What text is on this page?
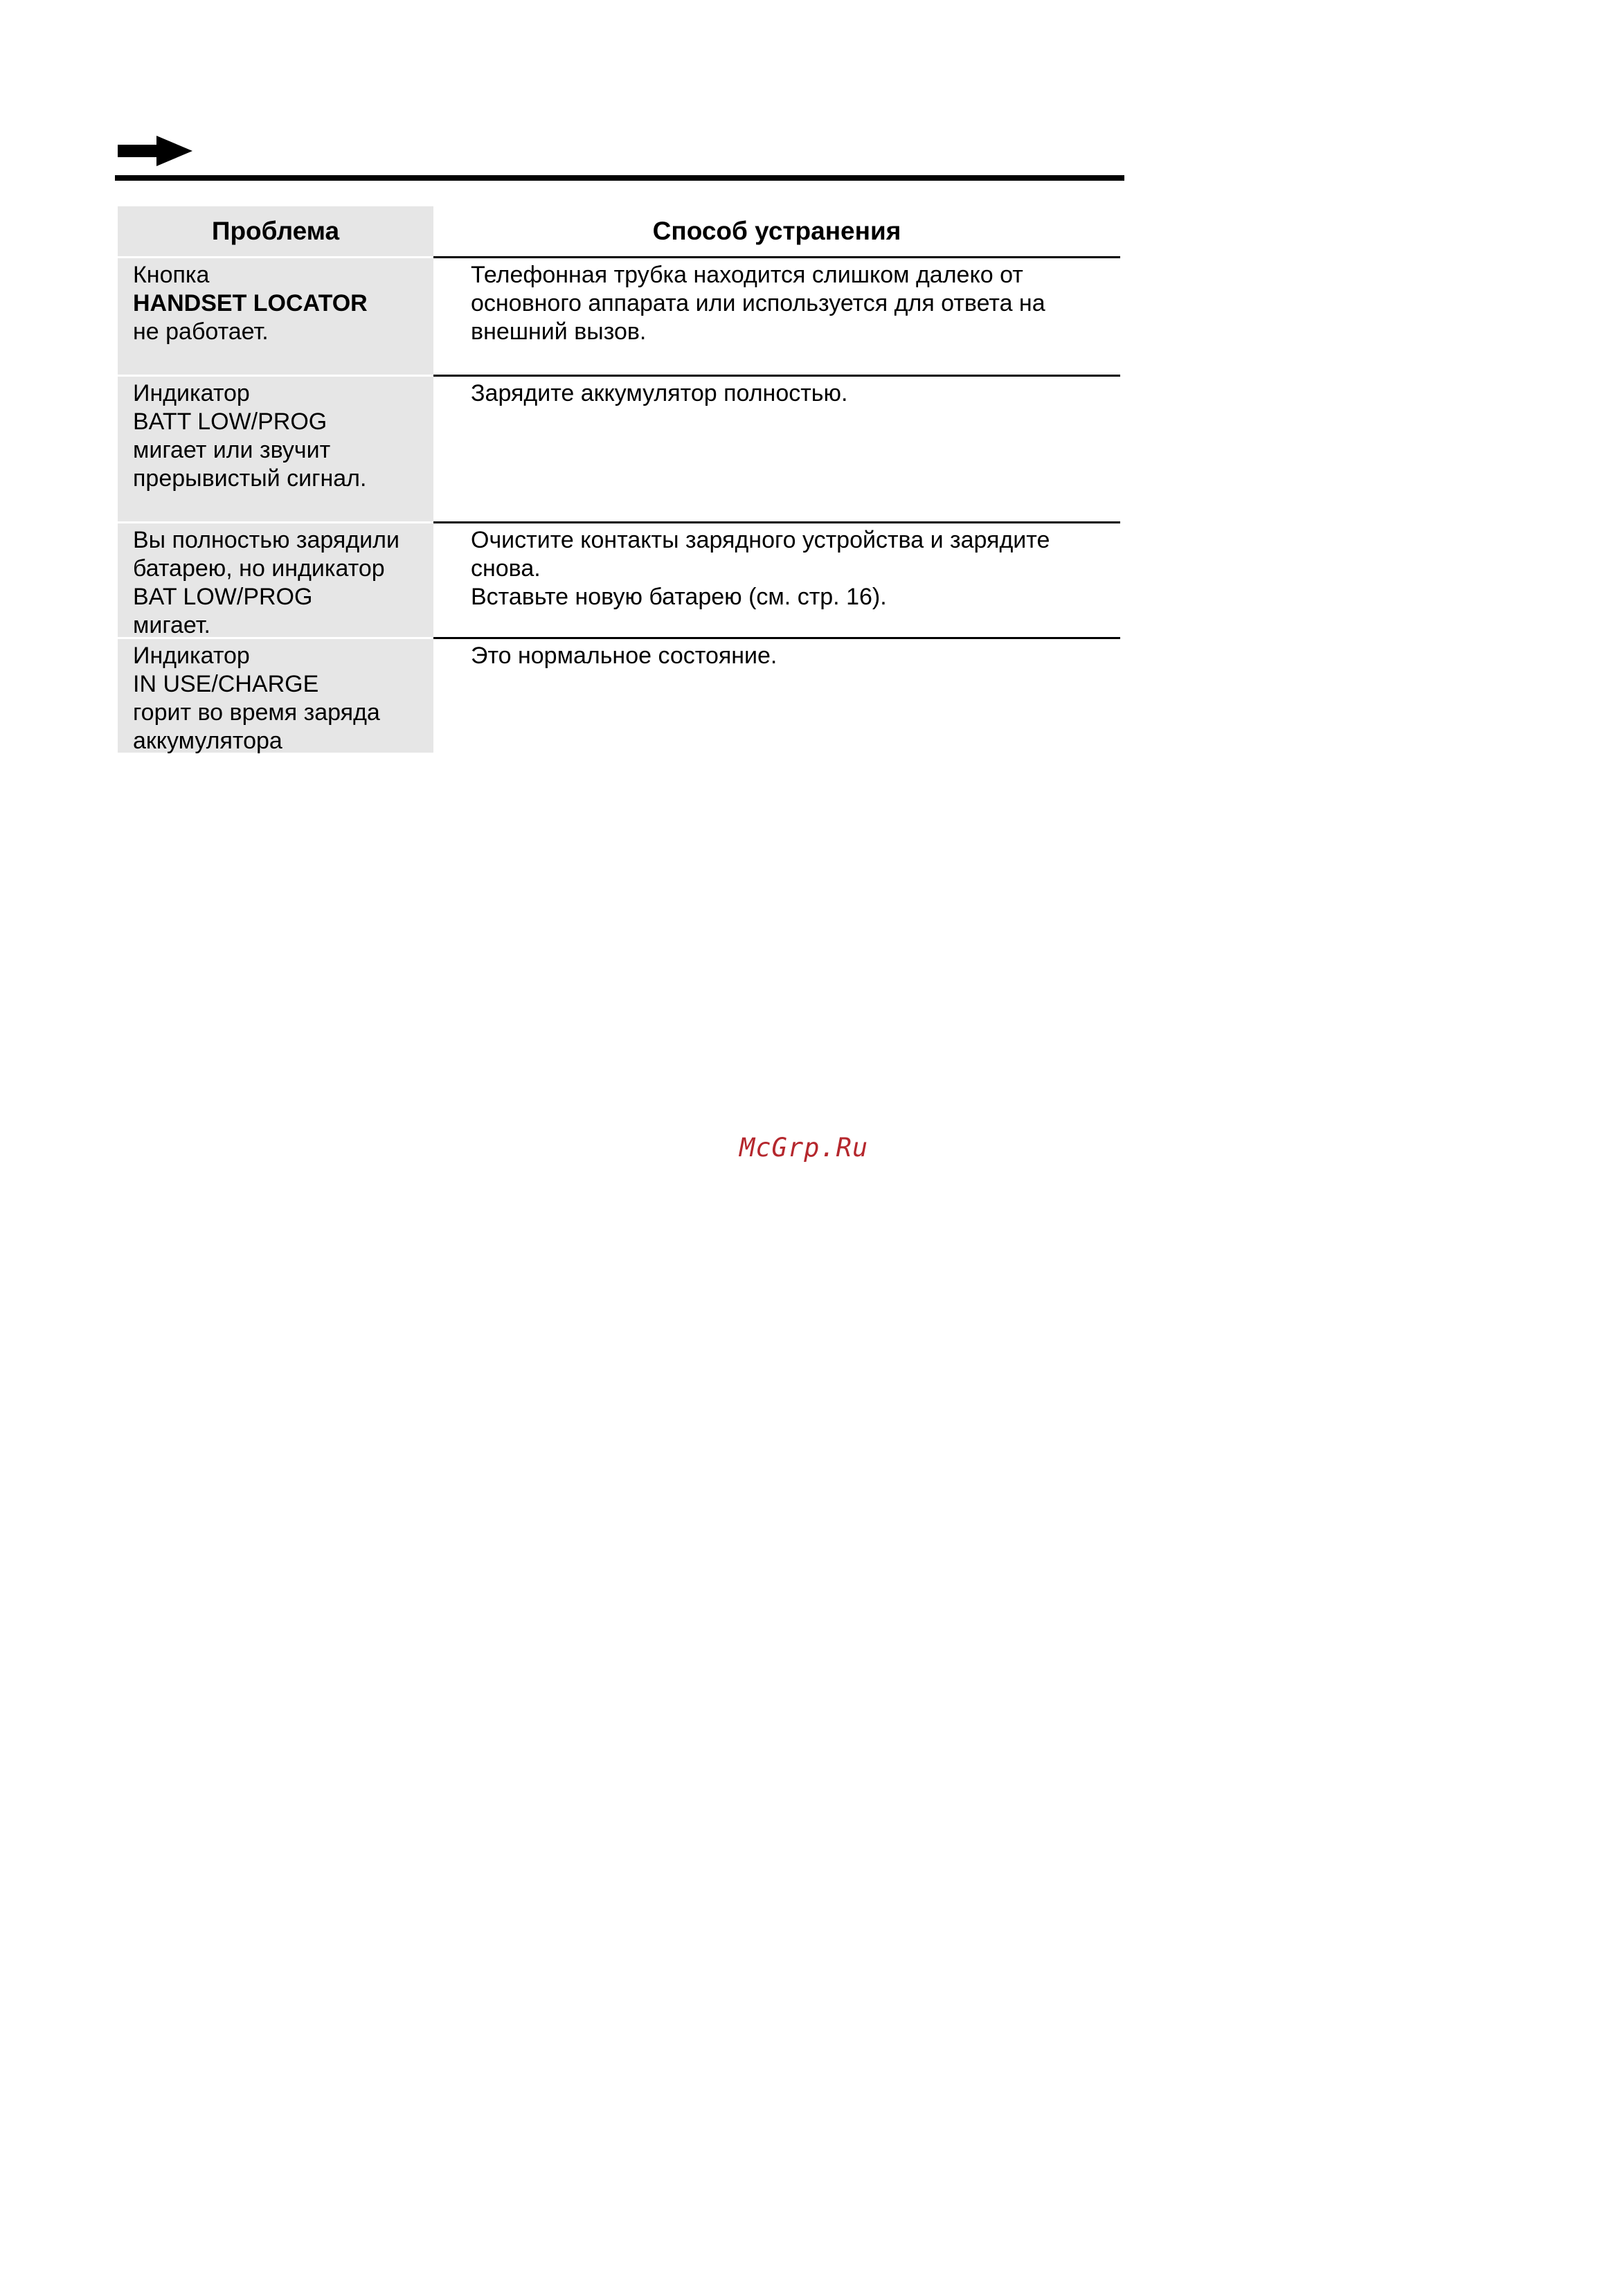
Проблема	Способ устранения
Кнопка
HANDSET LOCATOR
не работает.
Телефонная трубка находится слишком далеко от
основного аппарата или используется для ответа на
внешний вызов.
Индикатор
BATT LOW/PROG
мигает или звучит
прерывистый сигнал.
Зарядите аккумулятор полностью.
Вы полностью зарядили
батарею, но индикатор
BAT LOW/PROG
мигает.
Очистите контакты зарядного устройства и зарядите
снова.
Вставьте новую батарею (см. стр. 16).
Индикатор
IN USE/CHARGE
горит во время заряда
аккумулятора
Это нормальное состояние.
McGrp.Ru
